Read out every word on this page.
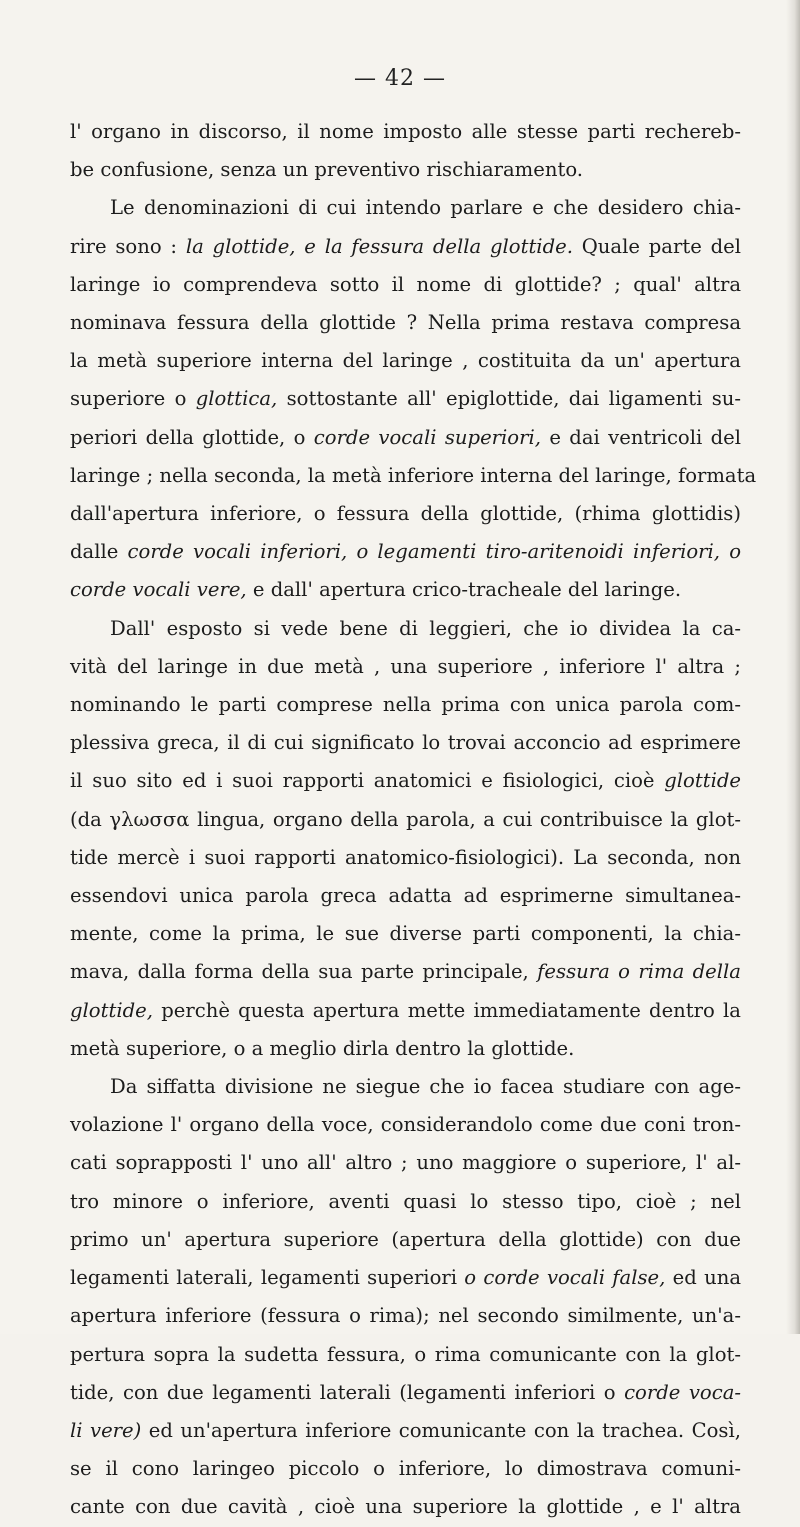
— 42 —
l' organo in discorso, il nome imposto alle stesse parti rechereb-
be confusione, senza un preventivo rischiaramento.
Le denominazioni di cui intendo parlare e che desidero chia-
rire sono : la glottide, e la fessura della glottide. Quale parte del
laringe io comprendeva sotto il nome di glottide? ; qual' altra
nominava fessura della glottide ? Nella prima restava compresa
la metà superiore interna del laringe , costituita da un' apertura
superiore o glottica, sottostante all' epiglottide, dai ligamenti su-
periori della glottide, o corde vocali superiori, e dai ventricoli del
laringe ; nella seconda, la metà inferiore interna del laringe, formata
dall'apertura inferiore, o fessura della glottide, (rhima glottidis)
dalle corde vocali inferiori, o legamenti tiro-aritenoidi inferiori, o
corde vocali vere, e dall' apertura crico-tracheale del laringe.
Dall' esposto si vede bene di leggieri, che io dividea la ca-
vità del laringe in due metà , una superiore , inferiore l' altra ;
nominando le parti comprese nella prima con unica parola com-
plessiva greca, il di cui significato lo trovai acconcio ad esprimere
il suo sito ed i suoi rapporti anatomici e fisiologici, cioè glottide
(da γλωσσα lingua, organo della parola, a cui contribuisce la glot-
tide mercè i suoi rapporti anatomico-fisiologici). La seconda, non
essendovi unica parola greca adatta ad esprimerne simultanea-
mente, come la prima, le sue diverse parti componenti, la chia-
mava, dalla forma della sua parte principale, fessura o rima della
glottide, perchè questa apertura mette immediatamente dentro la
metà superiore, o a meglio dirla dentro la glottide.
Da siffatta divisione ne siegue che io facea studiare con age-
volazione l' organo della voce, considerandolo come due coni tron-
cati soprapposti l' uno all' altro ; uno maggiore o superiore, l' al-
tro minore o inferiore, aventi quasi lo stesso tipo, cioè ; nel
primo un' apertura superiore (apertura della glottide) con due
legamenti laterali, legamenti superiori o corde vocali false, ed una
apertura inferiore (fessura o rima); nel secondo similmente, un'a-
pertura sopra la sudetta fessura, o rima comunicante con la glot-
tide, con due legamenti laterali (legamenti inferiori o corde voca-
li vere) ed un'apertura inferiore comunicante con la trachea. Così,
se il cono laringeo piccolo o inferiore, lo dimostrava comuni-
cante con due cavità , cioè una superiore la glottide , e l' altra
